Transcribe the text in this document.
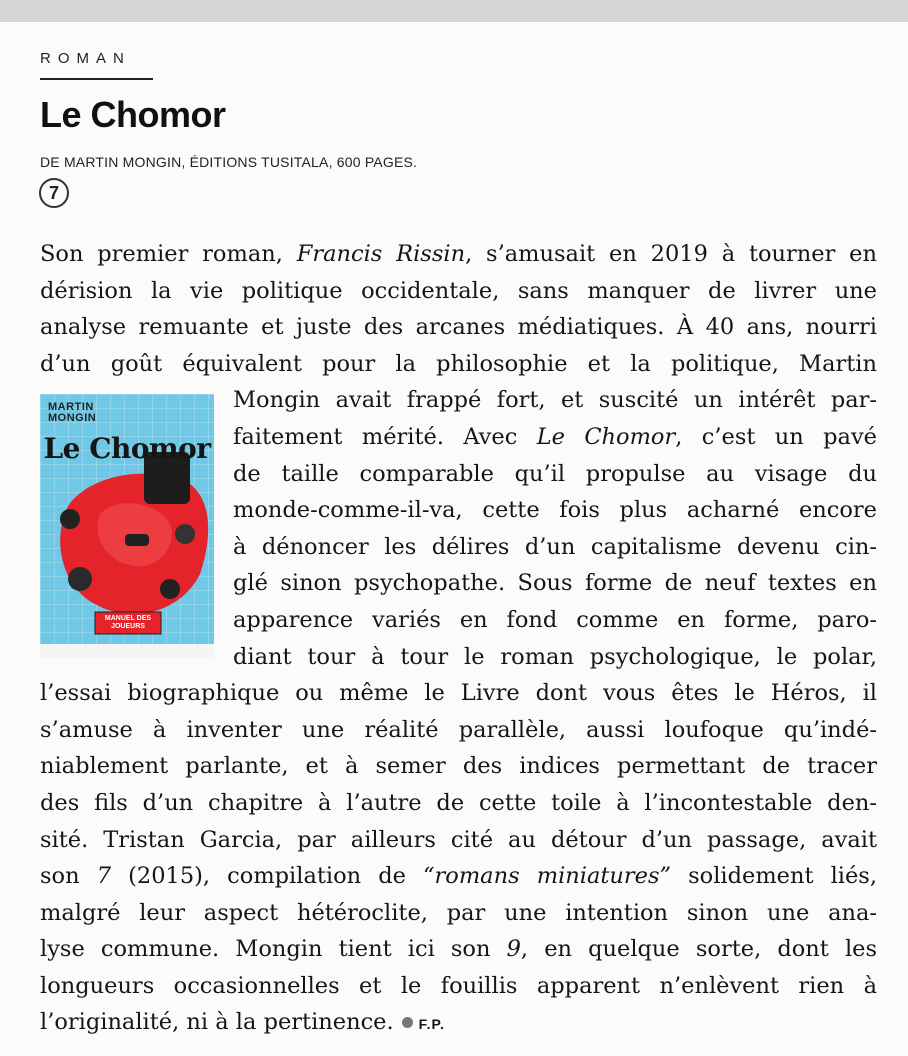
ROMAN
Le Chomor
DE MARTIN MONGIN, ÉDITIONS TUSITALA, 600 PAGES.
7
MARTIN MONGIN
Le Chomor
MANUEL DES JOUEURS
Son premier roman, Francis Rissin, s’amusait en 2019 à tourner en
dérision la vie politique occidentale, sans manquer de livrer une
analyse remuante et juste des arcanes médiatiques. À 40 ans, nourri
d’un goût équivalent pour la philosophie et la politique, Martin
Mongin avait frappé fort, et suscité un intérêt par-
faitement mérité. Avec Le Chomor, c’est un pavé
de taille comparable qu’il propulse au visage du
monde-comme-il-va, cette fois plus acharné encore
à dénoncer les délires d’un capitalisme devenu cin-
glé sinon psychopathe. Sous forme de neuf textes en
apparence variés en fond comme en forme, paro-
diant tour à tour le roman psychologique, le polar,
l’essai biographique ou même le Livre dont vous êtes le Héros, il
s’amuse à inventer une réalité parallèle, aussi loufoque qu’indé-
niablement parlante, et à semer des indices permettant de tracer
des fils d’un chapitre à l’autre de cette toile à l’incontestable den-
sité. Tristan Garcia, par ailleurs cité au détour d’un passage, avait
son 7 (2015), compilation de “romans miniatures” solidement liés,
malgré leur aspect hétéroclite, par une intention sinon une ana-
lyse commune. Mongin tient ici son 9, en quelque sorte, dont les
longueurs occasionnelles et le fouillis apparent n’enlèvent rien à
l’originalité, ni à la pertinence. F.P.
